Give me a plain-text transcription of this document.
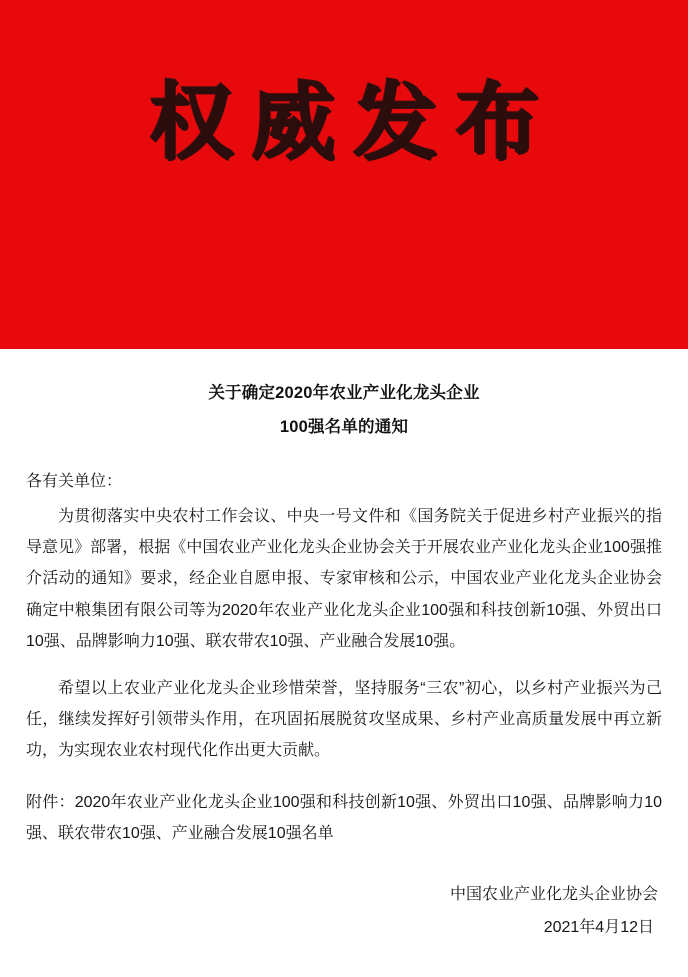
权威发布
关于确定2020年农业产业化龙头企业
100强名单的通知
各有关单位：

为贯彻落实中央农村工作会议、中央一号文件和《国务院关于促进乡村产业振兴的指导意见》部署，根据《中国农业产业化龙头企业协会关于开展农业产业化龙头企业100强推介活动的通知》要求，经企业自愿申报、专家审核和公示，中国农业产业化龙头企业协会确定中粮集团有限公司等为2020年农业产业化龙头企业100强和科技创新10强、外贸出口10强、品牌影响力10强、联农带农10强、产业融合发展10强。

希望以上农业产业化龙头企业珍惜荣誉，坚持服务“三农”初心，以乡村产业振兴为己任，继续发挥好引领带头作用，在巩固拓展脱贫攻坚成果、乡村产业高质量发展中再立新功，为实现农业农村现代化作出更大贡献。

附件：2020年农业产业化龙头企业100强和科技创新10强、外贸出口10强、品牌影响力10强、联农带农10强、产业融合发展10强名单

中国农业产业化龙头企业协会
2021年4月12日
